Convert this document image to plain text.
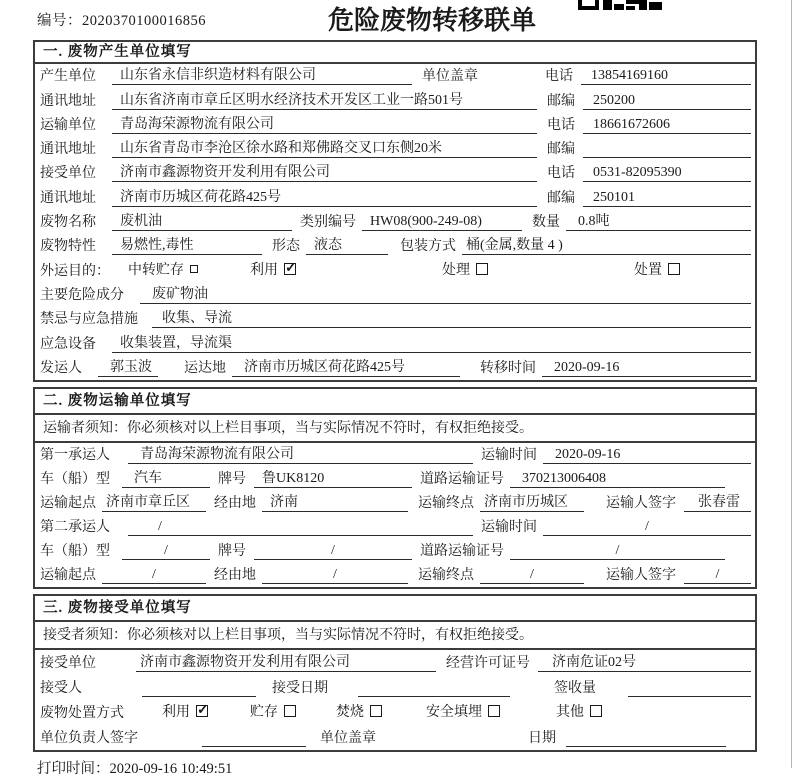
编号：2020370100016856	危险废物转移联单
一. 废物产生单位填写
产生单位	山东省永信非织造材料有限公司	单位盖章	电话	13854169160
通讯地址	山东省济南市章丘区明水经济技术开发区工业一路501号	邮编	250200
运输单位	青岛海荣源物流有限公司	电话	18661672606
通讯地址	山东省青岛市李沧区徐水路和郑佛路交叉口东侧20米	邮编
接受单位	济南市鑫源物资开发利用有限公司	电话	0531-82095390
通讯地址	济南市历城区荷花路425号	邮编	250101
废物名称	废机油	类别编号	HW08(900-249-08)	数量	0.8吨
废物特性	易燃性,毒性	形态	液态	包装方式 桶(金属,数量 4 )
外运目的：	中转贮存	利用 ✓	处理	处置
主要危险成分	废矿物油
禁忌与应急措施	收集、导流
应急设备	收集装置，导流渠
发运人	郭玉波	运达地	济南市历城区荷花路425号	转移时间	2020-09-16
二. 废物运输单位填写
运输者须知：你必须核对以上栏目事项，当与实际情况不符时，有权拒绝接受。
第一承运人	青岛海荣源物流有限公司	运输时间	2020-09-16
车（船）型	汽车	牌号	鲁UK8120	道路运输证号	370213006408
运输起点 济南市章丘区	经由地	济南	运输终点 济南市历城区	运输人签字	张春雷
第二承运人	/	运输时间	/
车（船）型	/	牌号	/	道路运输证号	/
运输起点	/	经由地	/	运输终点	/	运输人签字	/
三. 废物接受单位填写
接受者须知：你必须核对以上栏目事项，当与实际情况不符时，有权拒绝接受。
接受单位	济南市鑫源物资开发利用有限公司	经营许可证号	济南危证02号
接受人	接受日期	签收量
废物处置方式	利用 ✓	贮存	焚烧	安全填埋	其他
单位负责人签字	单位盖章	日期
打印时间：2020-09-16 10:49:51
